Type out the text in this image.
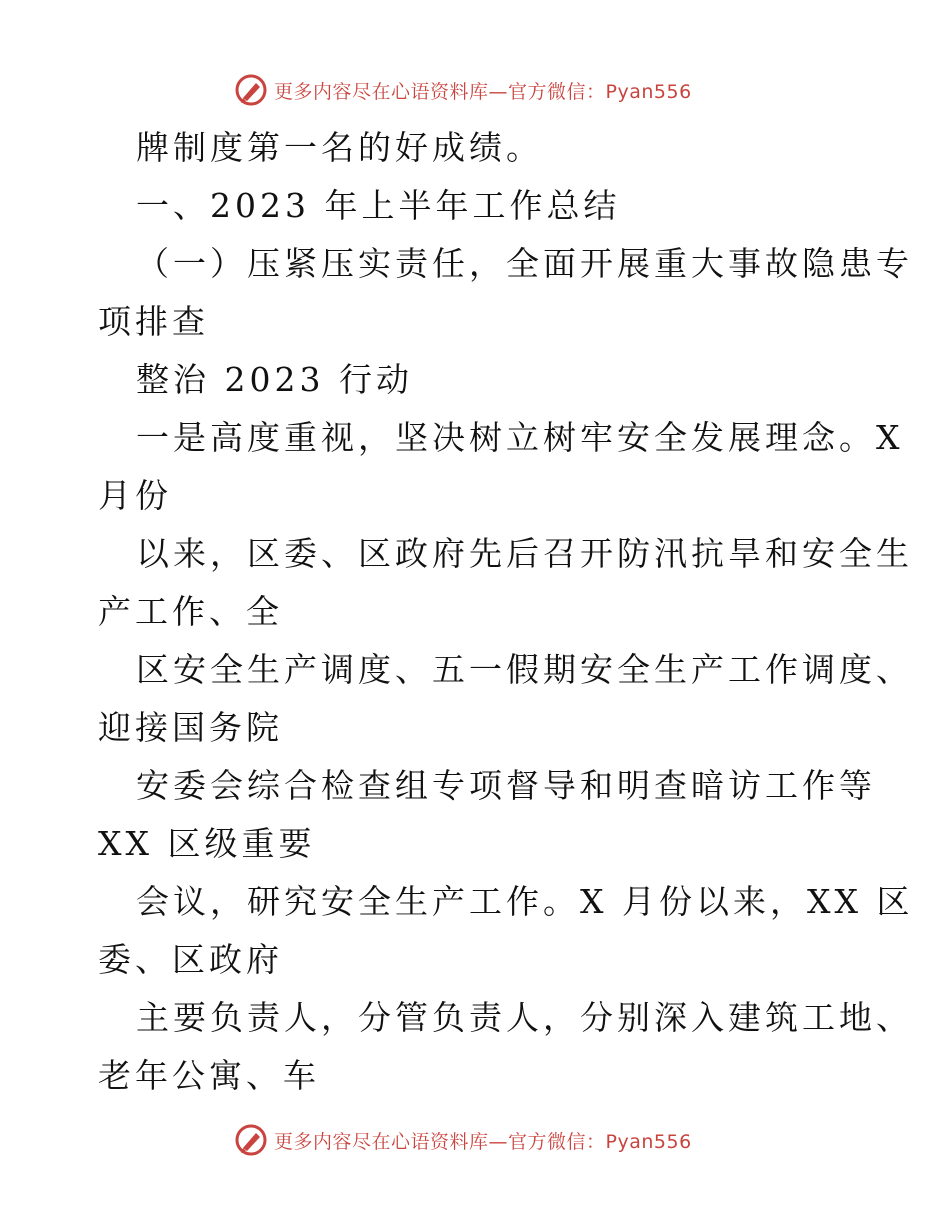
更多内容尽在心语资料库—官方微信：Pyan556
牌制度第一名的好成绩。
一、2023 年上半年工作总结
（一）压紧压实责任，全面开展重大事故隐患专
项排查
整治 2023 行动
一是高度重视，坚决树立树牢安全发展理念。X
月份
以来，区委、区政府先后召开防汛抗旱和安全生
产工作、全
区安全生产调度、五一假期安全生产工作调度、
迎接国务院
安委会综合检查组专项督导和明查暗访工作等
XX 区级重要
会议，研究安全生产工作。X 月份以来，XX 区
委、区政府
主要负责人，分管负责人，分别深入建筑工地、
老年公寓、车
更多内容尽在心语资料库—官方微信：Pyan556
